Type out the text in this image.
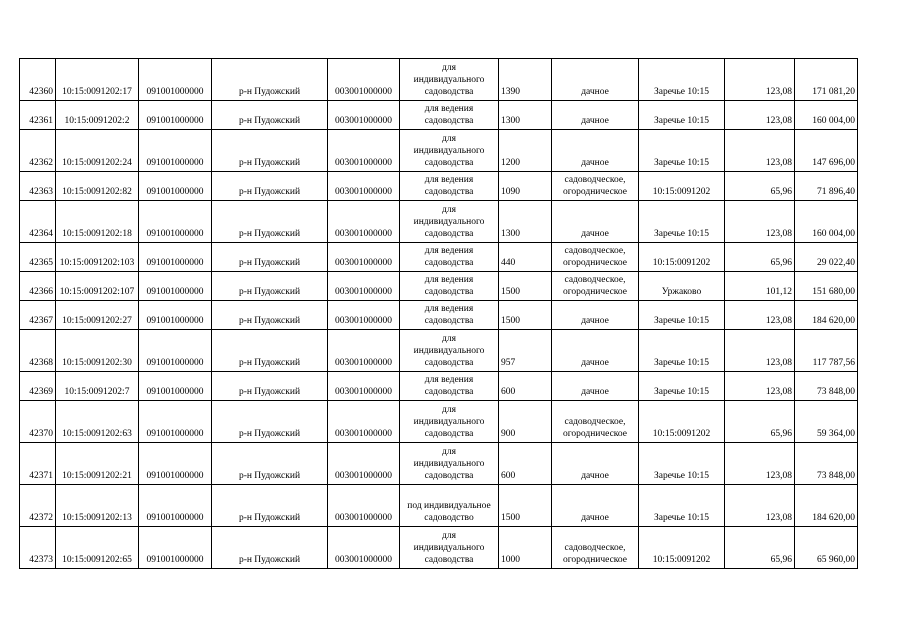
42360	10:15:0091202:17	091001000000	р-н Пудожский	003001000000	для
индивидуального
садоводства	1390	дачное	Заречье 10:15	123,08	171 081,20
42361	10:15:0091202:2	091001000000	р-н Пудожский	003001000000	для ведения
садоводства	1300	дачное	Заречье 10:15	123,08	160 004,00
42362	10:15:0091202:24	091001000000	р-н Пудожский	003001000000	для
индивидуального
садоводства	1200	дачное	Заречье 10:15	123,08	147 696,00
42363	10:15:0091202:82	091001000000	р-н Пудожский	003001000000	для ведения
садоводства	1090	садоводческое,
огородническое	10:15:0091202	65,96	71 896,40
42364	10:15:0091202:18	091001000000	р-н Пудожский	003001000000	для
индивидуального
садоводства	1300	дачное	Заречье 10:15	123,08	160 004,00
42365	10:15:0091202:103	091001000000	р-н Пудожский	003001000000	для ведения
садоводства	440	садоводческое,
огородническое	10:15:0091202	65,96	29 022,40
42366	10:15:0091202:107	091001000000	р-н Пудожский	003001000000	для ведения
садоводства	1500	садоводческое,
огородническое	Уржаково	101,12	151 680,00
42367	10:15:0091202:27	091001000000	р-н Пудожский	003001000000	для ведения
садоводства	1500	дачное	Заречье 10:15	123,08	184 620,00
42368	10:15:0091202:30	091001000000	р-н Пудожский	003001000000	для
индивидуального
садоводства	957	дачное	Заречье 10:15	123,08	117 787,56
42369	10:15:0091202:7	091001000000	р-н Пудожский	003001000000	для ведения
садоводства	600	дачное	Заречье 10:15	123,08	73 848,00
42370	10:15:0091202:63	091001000000	р-н Пудожский	003001000000	для
индивидуального
садоводства	900	садоводческое,
огородническое	10:15:0091202	65,96	59 364,00
42371	10:15:0091202:21	091001000000	р-н Пудожский	003001000000	для
индивидуального
садоводства	600	дачное	Заречье 10:15	123,08	73 848,00
42372	10:15:0091202:13	091001000000	р-н Пудожский	003001000000	под индивидуальное
садоводство	1500	дачное	Заречье 10:15	123,08	184 620,00
42373	10:15:0091202:65	091001000000	р-н Пудожский	003001000000	для
индивидуального
садоводства	1000	садоводческое,
огородническое	10:15:0091202	65,96	65 960,00
